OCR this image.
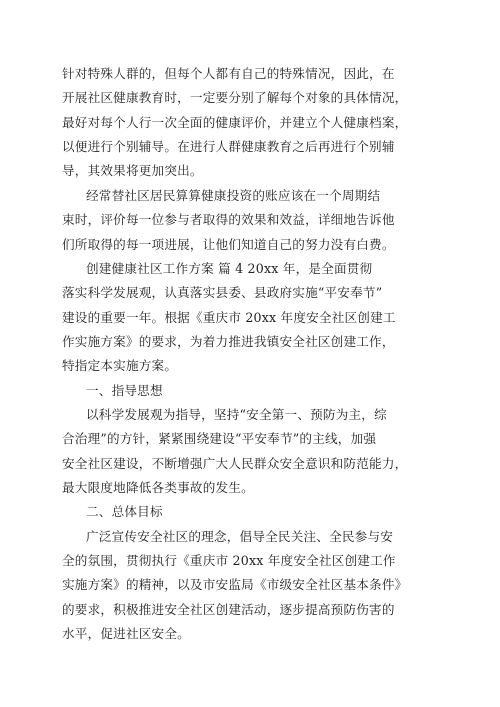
针对特殊人群的，但每个人都有自己的特殊情况，因此，在
开展社区健康教育时，一定要分别了解每个对象的具体情况，
最好对每个人行一次全面的健康评价，并建立个人健康档案，
以便进行个别辅导。在进行人群健康教育之后再进行个别辅
导，其效果将更加突出。
经常替社区居民算算健康投资的账应该在一个周期结
束时，评价每一位参与者取得的效果和效益，详细地告诉他
们所取得的每一项进展，让他们知道自己的努力没有白费。
创建健康社区工作方案 篇 4 20xx 年，是全面贯彻
落实科学发展观，认真落实县委、县政府实施“平安奉节”
建设的重要一年。根据《重庆市 20xx 年度安全社区创建工
作实施方案》的要求，为着力推进我镇安全社区创建工作，
特指定本实施方案。
一、指导思想
以科学发展观为指导，坚持“安全第一、预防为主，综
合治理”的方针，紧紧围绕建设“平安奉节”的主线，加强
安全社区建设，不断增强广大人民群众安全意识和防范能力，
最大限度地降低各类事故的发生。
二、总体目标
广泛宣传安全社区的理念，倡导全民关注、全民参与安
全的氛围，贯彻执行《重庆市 20xx 年度安全社区创建工作
实施方案》的精神，以及市安监局《市级安全社区基本条件》
的要求，积极推进安全社区创建活动，逐步提高预防伤害的
水平，促进社区安全。
